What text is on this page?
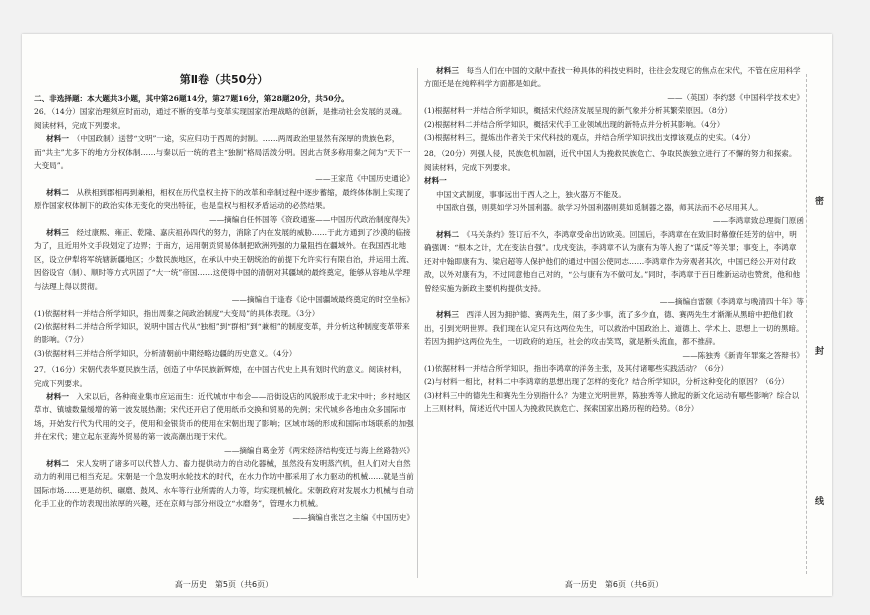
第Ⅱ卷（共50分）

二、非选择题：本大题共3小题，其中第26题14分，第27题16分，第28题20分，共50分。

26．（14分）国家治理须应时而动，通过不断的变革与变革实现国家治理战略的创新，是推动社会发展的灵魂。阅读材料，完成下列要求。

材料一　 （中国政制）送替“文明”一途，实应归功于西周的封制。……两周政治里显然有深厚的贵族色彩，而“共主”尤多下的地方分权体制……与秦以后一统的君主“独制”格局活泼分明。因此古贤多称用秦之间为“天下一大变局”。

——王家范《中国历史通论》

材料二　 从秩相到郡相再到兼相，相权在历代皇权主持下的改革和牵制过程中逐步蓄缩，最终体体制上实现了原作国家权体制下的政治实体无变化的突出特征，也是皇权与相权矛盾运动的必然结果。

——摘编自任怀国等《资政通鉴——中国历代政治制度得失》

材料三　 经过康熙、雍正、乾隆、嘉庆祖孙四代的努力，消除了内在发展的威胁……于此方通到了沙漠的临接为了，且近用外文手段划定了边界；于南方，运用朝贡贸易体制把欧洲列强的力量阻挡在疆域外。在我国西北地区，设立伊犁将军统辖新疆地区；少数民族地区，在承认中央王朝统治的前提下允许实行有限自治，并运用土流、因俗设官（制）、顺时等方式巩固了“大一统”帝国……这使得中国的清朝对其疆域的最终奠定，能够从容地从学理与法理上得以贯彻。

——摘编自于逢春《论中国疆域最终奠定的时空坐标》

(1)依据材料一并结合所学知识，指出周秦之间政治制度“大变局”的具体表现。（3分）

(2)依据材料二并结合所学知识，说明中国古代从“独相”到“群相”到“兼相”的制度变革，并分析这种制度变革带来的影响。（7分）

(3)依据材料三并结合所学知识，分析清朝前中期经略边疆的历史意义。（4分）

27．（16分）宋朝代表华夏民族生活，创造了中华民族新辉煌，在中国古代史上具有划时代的意义。阅读材料，完成下列要求。

材料一　 入宋以后，各种商业集市应运而生：近代城市中布会——沿街设店的风貌形成于北宋中叶；乡村地区草市、镇墟数量缓增的第一波发展热潮；宋代还开启了使用纸币交换和贸易的先例；宋代城乡各地由众多国际市场，开始发行代为代用的交子，使用和金银货币的使用在宋朝出现了影响；区域市场的形成和国际市场联系的加强并在宋代；建立起东亚海外贸易的第一波高潮出现于宋代。

——摘编自葛金芳《两宋经济结构变迁与海上丝路勃兴》

材料二　 宋人发明了诸多可以代替人力、畜力提供动力的自动化器械，虽然没有发明蒸汽机，但人们对大自然动力的利用已相当充足。宋朝是一个急发明水轮技术的时代，在水力作坊中都采用了水力驱动的机械……就是当前国际市场……更是纺织、碾磨、鼓风、水车等行业所需的人力等，均实现机械化。宋朝政府对发展水力机械与自动化手工业的作坊表现出浓厚的兴趣，还在京师与部分州设立“水磨务”，管理水力机械。

——摘编自张岂之主编《中国历史》

材料三　 每当人们在中国的文献中查找一种具体的科技史料时，往往会发现它的焦点在宋代，不管在应用科学方面还是在纯粹科学方面都是如此。

——（英国）李约瑟《中国科学技术史》

(1)根据材料一并结合所学知识，概括宋代经济发展呈现的新气象并分析其繁荣原因。（8分）

(2)根据材料二并结合所学知识，概括宋代手工业领域出现的新特点并分析其影响。（4分）

(3)根据材料三，提炼出作者关于宋代科技的观点，并结合所学知识找出支撑该观点的史实。（4分）

28．（20分）列强人侵，民族危机加剧，近代中国人为挽救民族危亡、争取民族独立进行了不懈的努力和探索。阅读材料，完成下列要求。

材料一

中国文武制度，事事远出于西人之上，独火器万不能及。

中国欲自强，则莫如学习外国利器。欲学习外国利器则莫如觅制器之器，师其法而不必尽用其人。

——李鸿章致总理衙门原函

材料二　 《马关条约》签订后不久，李鸿章受命出访欧美。回国后，李鸿章在在致旧时幕僚任廷芳的信中，明确强调：“根本之计，尤在变法自强”。戊戌变法，李鸿章不认为康有为等人抱了“谋反”等关罪；事变上，李鸿章还对中翰即康有为、梁启超等人保护他们的通过中国公使同志……李鸿章作为旁观者其次，中国已经公开对付政敌，以外对康有为，不过同意他自己对的，“公与康有为不做可友。”同时，李鸿章于百日维新运动也赞赏，他和他曾经实施为新政主要机构提供支持。

——摘编自雷颐《李鸿章与晚清四十年》等

材料三　 西洋人因为拥护德、赛两先生，闹了多少事，流了多少血，德、赛两先生才渐渐从黑暗中把他们救出，引到光明世界。我们现在认定只有这两位先生，可以救治中国政治上、道德上、学术上、思想上一切的黑暗。若因为拥护这两位先生，一切政府的迫压，社会的攻击笑骂，就是断头流血，都不推辞。

——陈独秀《新青年罪案之答辩书》

(1)依据材料一并结合所学知识，指出李鸿章的洋务主张，及其付诸哪些实践活动？（6分）

(2)与材料一相比，材料二中李鸿章的思想出现了怎样的变化？结合所学知识，分析这种变化的原因？（6分）

(3)材料三中的德先生和赛先生分别指什么？为建立光明世界，陈独秀等人掀起的新文化运动有哪些影响？综合以上三则材料，简述近代中国人为挽救民族危亡、探索国家出路历程的趋势。（8分）

高一历史　第5页（共6页）	高一历史　第6页（共6页）
密
封
线
